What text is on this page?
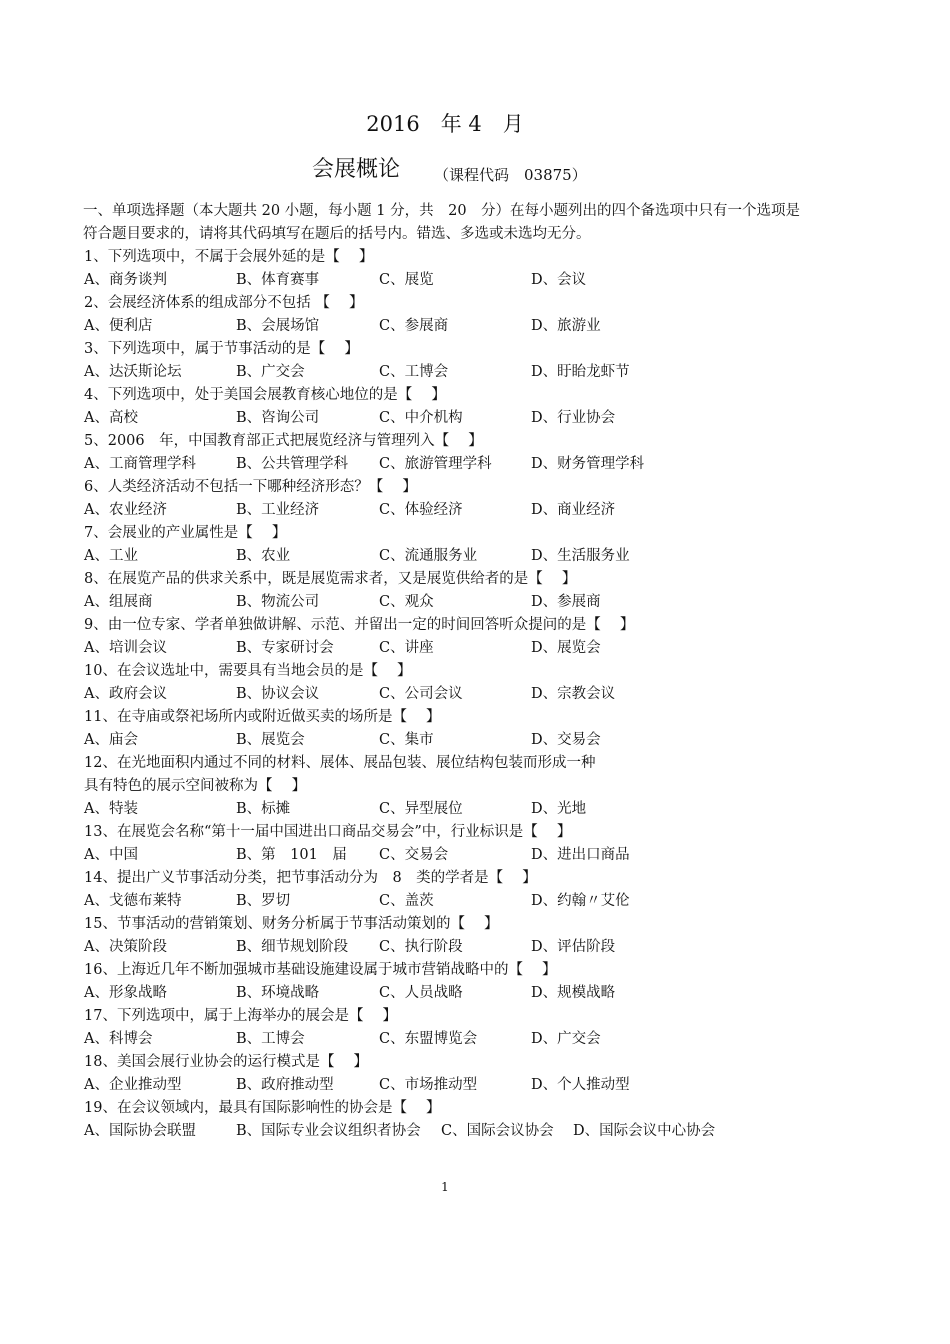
2016　年 4　月
会展概论 （课程代码　03875）
一、单项选择题（本大题共 20 小题，每小题 1 分，共　20　分）在每小题列出的四个备选项中只有一个选项是符合题目要求的，请将其代码填写在题后的括号内。错选、多选或未选均无分。
1、下列选项中，不属于会展外延的是【　 】
A、商务谈判	B、体育赛事	C、展览	D、会议
2、会展经济体系的组成部分不包括 【　 】
A、便利店	B、会展场馆	C、参展商	D、旅游业
3、下列选项中，属于节事活动的是【　 】
A、达沃斯论坛	B、广交会	C、工博会	D、盱眙龙虾节
4、下列选项中，处于美国会展教育核心地位的是【　 】
A、高校	B、咨询公司	C、中介机构	D、行业协会
5、2006　年，中国教育部正式把展览经济与管理列入【　 】
A、工商管理学科	B、公共管理学科 C、旅游管理学科	D、财务管理学科
6、人类经济活动不包括一下哪种经济形态？【　 】
A、农业经济	B、工业经济	C、体验经济	D、商业经济
7、会展业的产业属性是【　 】
A、工业	B、农业	C、流通服务业	D、生活服务业
8、在展览产品的供求关系中，既是展览需求者，又是展览供给者的是【　 】
A、组展商	B、物流公司	C、观众	D、参展商
9、由一位专家、学者单独做讲解、示范、并留出一定的时间回答听众提问的是【　 】
A、培训会议	B、专家研讨会	C、讲座	D、展览会
10、在会议选址中，需要具有当地会员的是【　 】
A、政府会议	B、协议会议	C、公司会议	D、宗教会议
11、在寺庙或祭祀场所内或附近做买卖的场所是【　 】
A、庙会	B、展览会	C、集市	D、交易会
12、在光地面积内通过不同的材料、展体、展品包装、展位结构包装而形成一种
具有特色的展示空间被称为【　 】
A、特装	B、标摊	C、异型展位	D、光地
13、在展览会名称“第十一届中国进出口商品交易会”中，行业标识是【　 】
A、中国	B、第　101　届 C、交易会	D、进出口商品
14、提出广义节事活动分类，把节事活动分为　8　类的学者是【　 】
A、戈德布莱特	B、罗切	C、盖茨	D、约翰〃艾伦
15、节事活动的营销策划、财务分析属于节事活动策划的【　 】
A、决策阶段	B、细节规划阶段 C、执行阶段	D、评估阶段
16、上海近几年不断加强城市基础设施建设属于城市营销战略中的【　 】
A、形象战略	B、环境战略	C、人员战略	D、规模战略
17、下列选项中，属于上海举办的展会是【　 】
A、科博会	B、工博会	C、东盟博览会	D、广交会
18、美国会展行业协会的运行模式是【　 】
A、企业推动型	B、政府推动型	C、市场推动型	D、个人推动型
19、在会议领域内，最具有国际影响性的协会是【　 】
A、国际协会联盟	B、国际专业会议组织者协会 C、国际会议协会 D、国际会议中心协会
1
